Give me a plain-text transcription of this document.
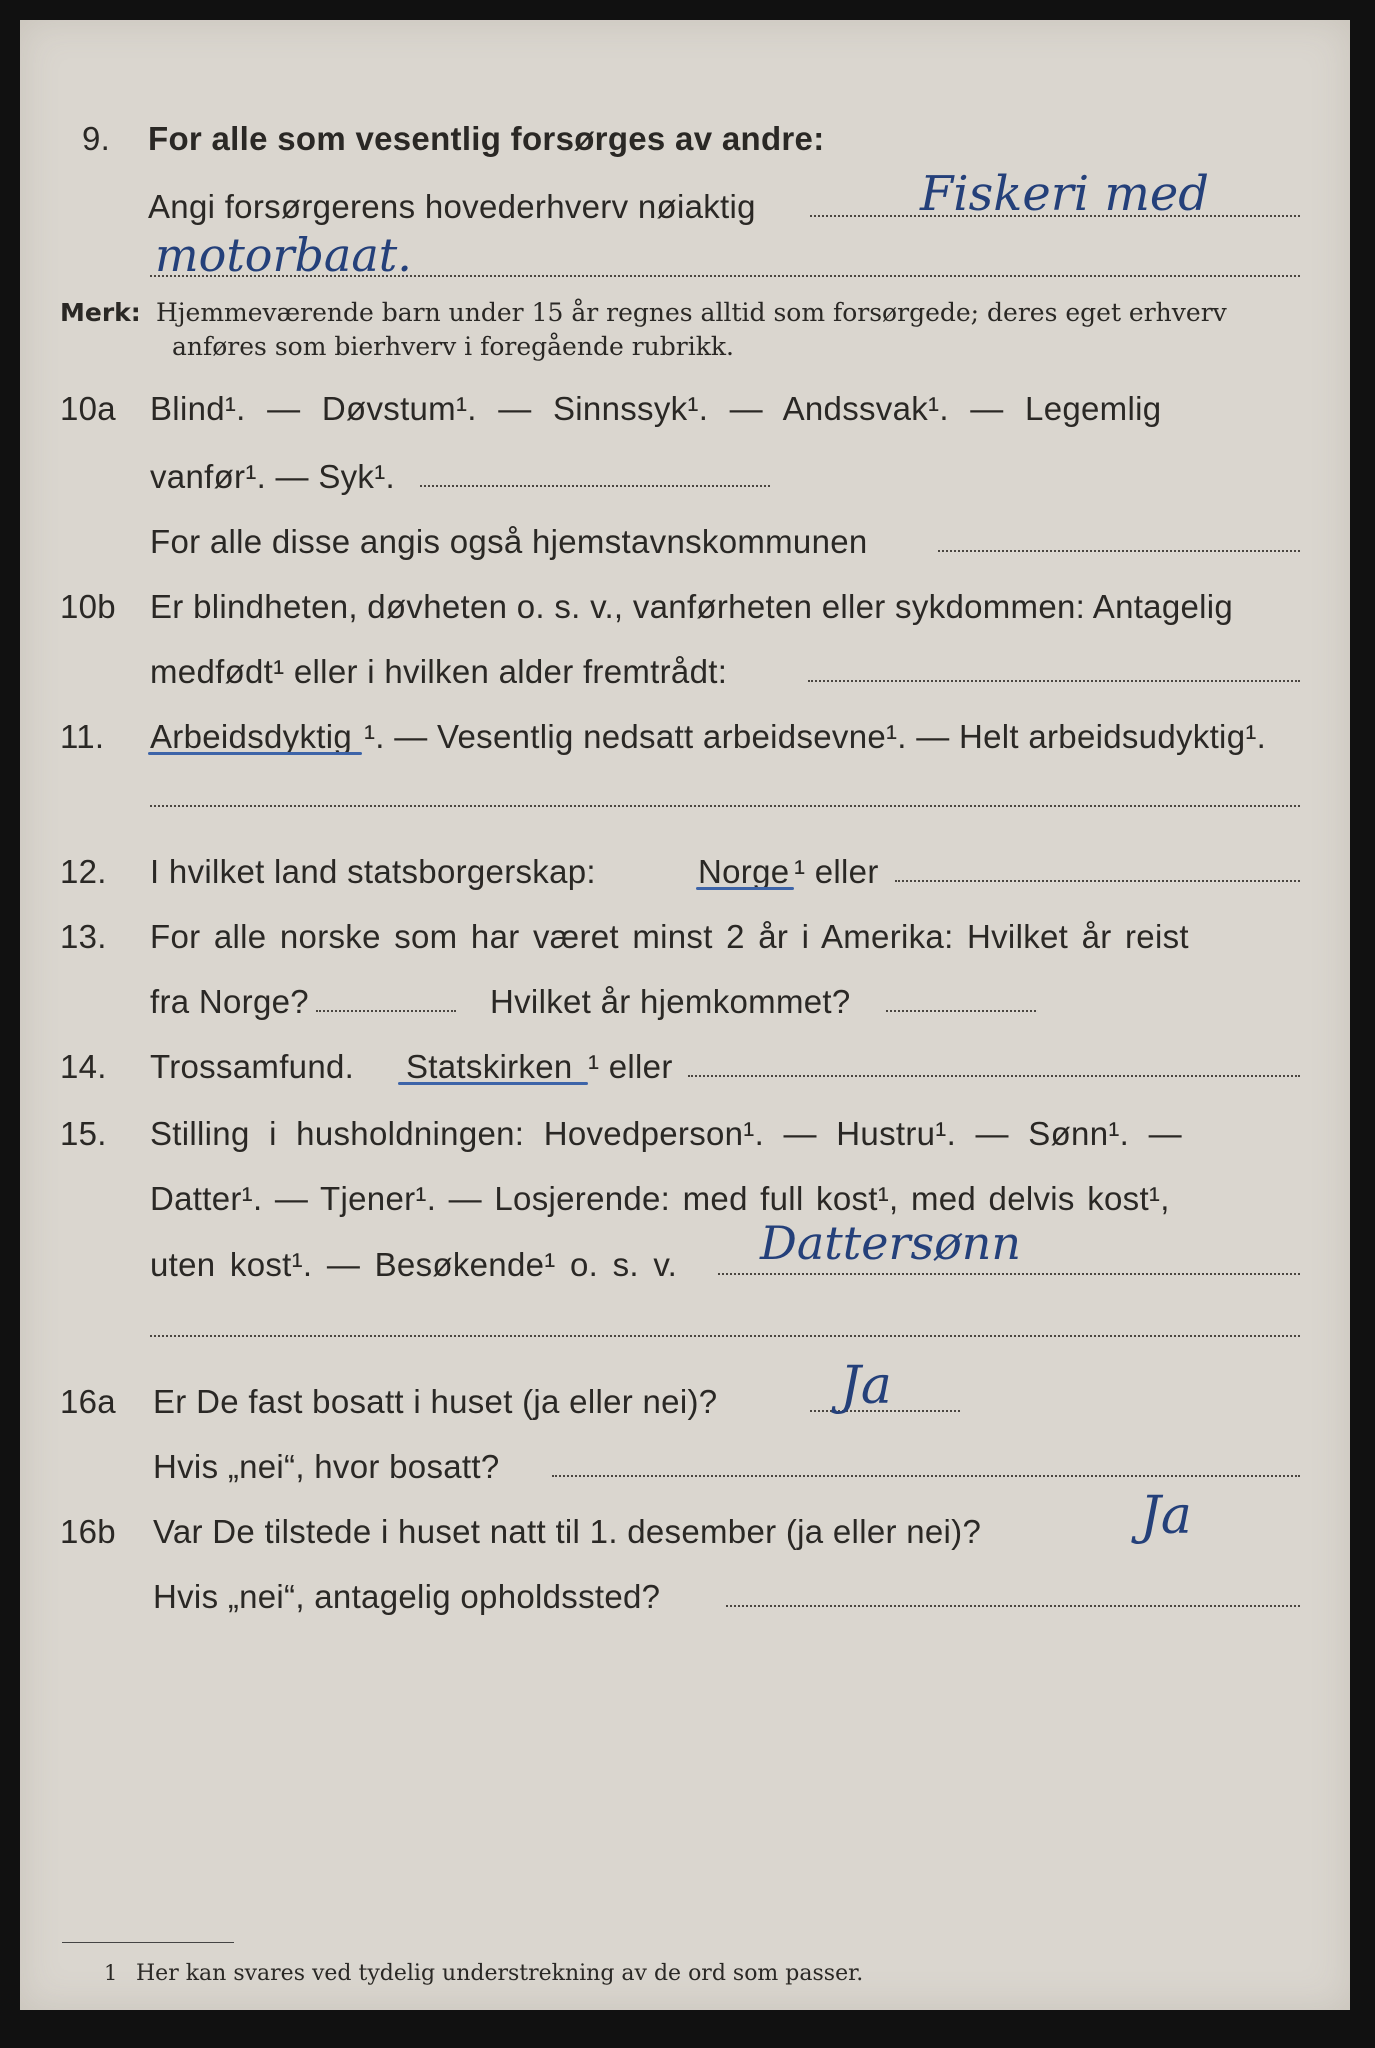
9. For alle som vesentlig forsørges av andre:
Angi forsørgerens hovederhverv nøiaktig	Fiskeri med
motorbaat.
Merk: Hjemmeværende barn under 15 år regnes alltid som forsørgede; deres eget erhverv
anføres som bierhverv i foregående rubrikk.
10a Blind¹. — Døvstum¹. — Sinnssyk¹. — Andssvak¹. — Legemlig
vanfør¹. — Syk¹.
For alle disse angis også hjemstavnskommunen
10b Er blindheten, døvheten o. s. v., vanførheten eller sykdommen: Antagelig
medfødt¹ eller i hvilken alder fremtrådt:
11. Arbeidsdyktig ¹. — Vesentlig nedsatt arbeidsevne¹. — Helt arbeidsudyktig¹.
12. I hvilket land statsborgerskap:	Norge ¹ eller
13. For alle norske som har været minst 2 år i Amerika: Hvilket år reist
fra Norge?	Hvilket år hjemkommet?
14. Trossamfund. Statskirken ¹ eller
15. Stilling i husholdningen: Hovedperson¹. — Hustru¹. — Sønn¹. —
Datter¹. — Tjener¹. — Losjerende: med full kost¹, med delvis kost¹,
uten kost¹. — Besøkende¹ o. s. v. Dattersønn
16a Er De fast bosatt i huset (ja eller nei)? Ja
Hvis „nei“, hvor bosatt?
16b Var De tilstede i huset natt til 1. desember (ja eller nei)?	Ja
Hvis „nei“, antagelig opholdssted?
1 Her kan svares ved tydelig understrekning av de ord som passer.
